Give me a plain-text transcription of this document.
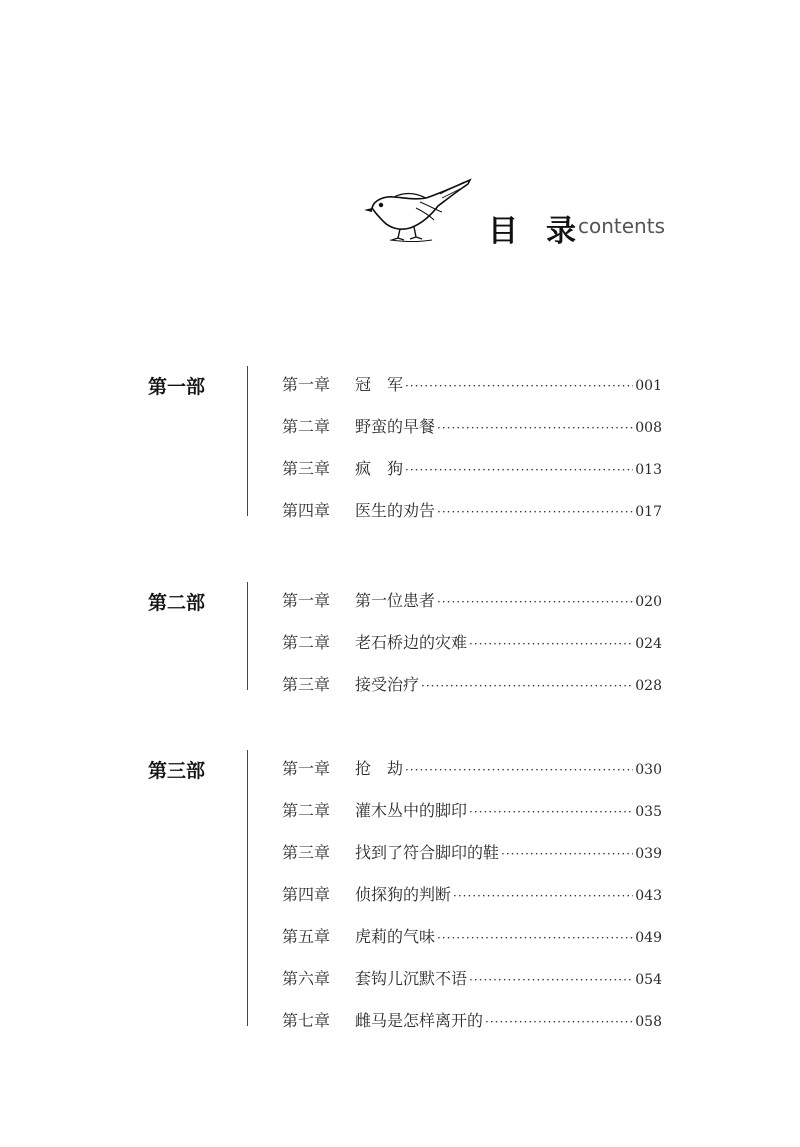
目录
contents
第一部	第一章	冠　军 ·····	001
第二章	野蛮的早餐 ·····	008
第三章	疯　狗 ·····	013
第四章	医生的劝告 ·····	017
第二部	第一章	第一位患者 ·····	020
第二章	老石桥边的灾难 ·····	024
第三章	接受治疗 ·····	028
第三部	第一章	抢　劫 ·····	030
第二章	灌木丛中的脚印 ·····	035
第三章	找到了符合脚印的鞋 ·····	039
第四章	侦探狗的判断 ·····	043
第五章	虎莉的气味 ·····	049
第六章	套钩儿沉默不语 ·····	054
第七章	雌马是怎样离开的 ·····	058
